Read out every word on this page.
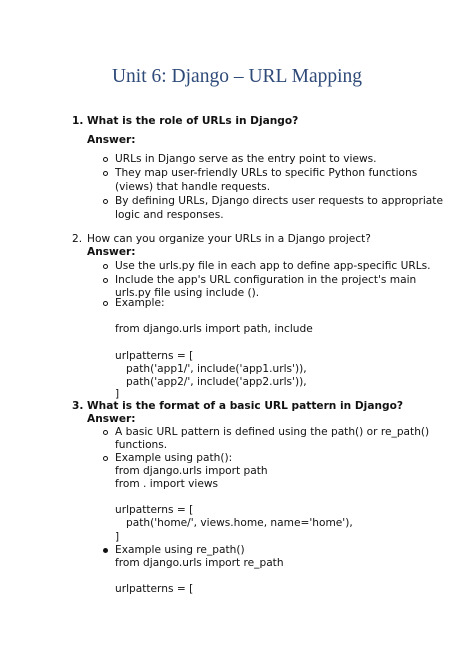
Unit 6: Django – URL Mapping
1. What is the role of URLs in Django?
Answer:
URLs in Django serve as the entry point to views.
They map user-friendly URLs to specific Python functions
(views) that handle requests.
By defining URLs, Django directs user requests to appropriate
logic and responses.
2. How can you organize your URLs in a Django project?
Answer:
Use the urls.py file in each app to define app-specific URLs.
Include the app's URL configuration in the project's main
urls.py file using include ().
Example:
from django.urls import path, include
urlpatterns = [
path('app1/', include('app1.urls')),
path('app2/', include('app2.urls')),
]
3. What is the format of a basic URL pattern in Django?
Answer:
A basic URL pattern is defined using the path() or re_path()
functions.
Example using path():
from django.urls import path
from . import views
urlpatterns = [
path('home/', views.home, name='home'),
]
Example using re_path()
from django.urls import re_path
urlpatterns = [
